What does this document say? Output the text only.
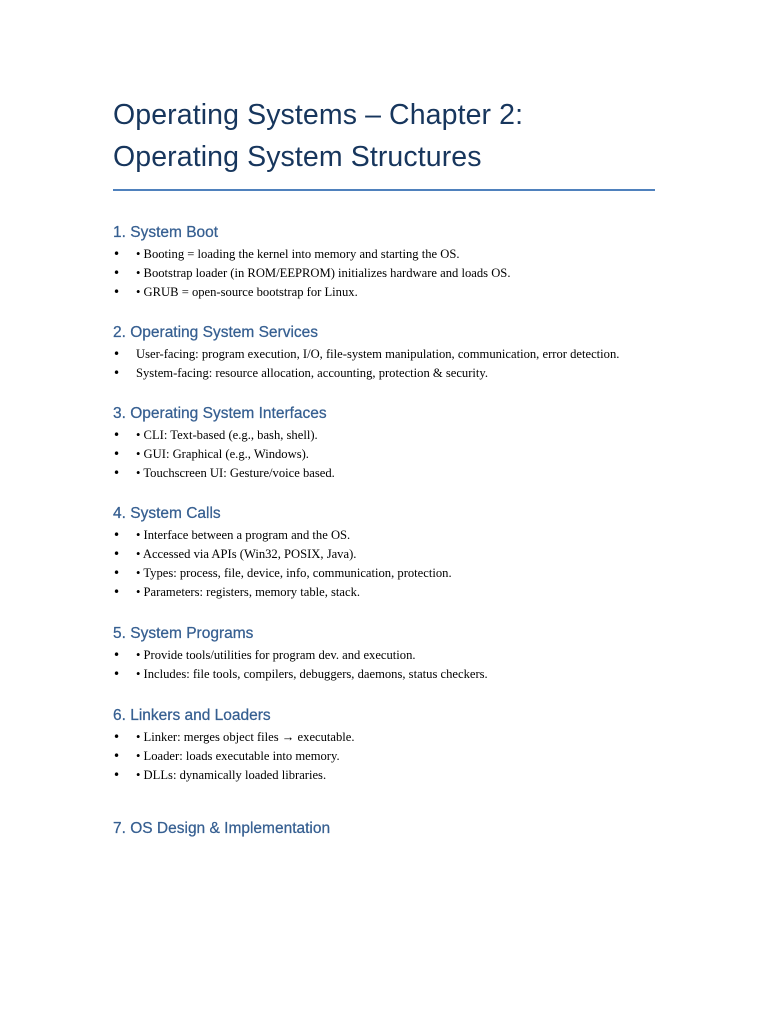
Operating Systems – Chapter 2:
Operating System Structures
1. System Boot
•	• Booting = loading the kernel into memory and starting the OS.
•	• Bootstrap loader (in ROM/EEPROM) initializes hardware and loads OS.
•	• GRUB = open-source bootstrap for Linux.
2. Operating System Services
•	User-facing: program execution, I/O, file-system manipulation, communication, error detection.
•	System-facing: resource allocation, accounting, protection & security.
3. Operating System Interfaces
•	• CLI: Text-based (e.g., bash, shell).
•	• GUI: Graphical (e.g., Windows).
•	• Touchscreen UI: Gesture/voice based.
4. System Calls
•	• Interface between a program and the OS.
•	• Accessed via APIs (Win32, POSIX, Java).
•	• Types: process, file, device, info, communication, protection.
•	• Parameters: registers, memory table, stack.
5. System Programs
•	• Provide tools/utilities for program dev. and execution.
•	• Includes: file tools, compilers, debuggers, daemons, status checkers.
6. Linkers and Loaders
•	• Linker: merges object files → executable.
•	• Loader: loads executable into memory.
•	• DLLs: dynamically loaded libraries.
7. OS Design & Implementation
